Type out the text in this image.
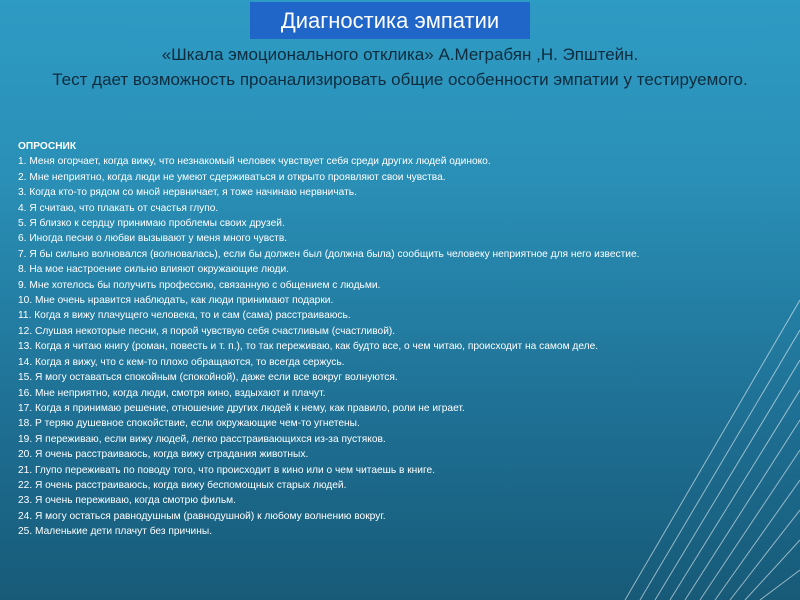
Диагностика эмпатии
«Шкала эмоционального отклика» А.Меграбян ,Н. Эпштейн.
Тест дает возможность проанализировать общие особенности эмпатии у тестируемого.
ОПРОСНИК
1. Меня огорчает, когда вижу, что незнакомый человек чувствует себя среди других людей одиноко.
2. Мне неприятно, когда люди не умеют сдерживаться и открыто проявляют свои чувства.
3. Когда кто-то рядом со мной нервничает, я тоже начинаю нервничать.
4. Я считаю, что плакать от счастья глупо.
5. Я близко к сердцу принимаю проблемы своих друзей.
6. Иногда песни о любви вызывают у меня много чувств.
7. Я бы сильно волновался (волновалась), если бы должен был (должна была) сообщить человеку неприятное для него известие.
8. На мое настроение сильно влияют окружающие люди.
9. Мне хотелось бы получить профессию, связанную с общением с людьми.
10. Мне очень нравится наблюдать, как люди принимают подарки.
11. Когда я вижу плачущего человека, то и сам (сама) расстраиваюсь.
12. Слушая некоторые песни, я порой чувствую себя счастливым (счастливой).
13. Когда я читаю книгу (роман, повесть и т. п.), то так переживаю, как будто все, о чем читаю, происходит на самом деле.
14. Когда я вижу, что с кем-то плохо обращаются, то всегда сержусь.
15. Я могу оставаться спокойным (спокойной), даже если все вокруг волнуются.
16. Мне неприятно, когда люди, смотря кино, вздыхают и плачут.
17. Когда я принимаю решение, отношение других людей к нему, как правило, роли не играет.
18. Р теряю душевное спокойствие, если окружающие чем-то угнетены.
19. Я переживаю, если вижу людей, легко расстраивающихся из-за пустяков.
20. Я очень расстраиваюсь, когда вижу страдания животных.
21. Глупо переживать по поводу того, что происходит в кино или о чем читаешь в книге.
22. Я очень расстраиваюсь, когда вижу беспомощных старых людей.
23. Я очень переживаю, когда смотрю фильм.
24. Я могу остаться равнодушным (равнодушной) к любому волнению вокруг.
25. Маленькие дети плачут без причины.
